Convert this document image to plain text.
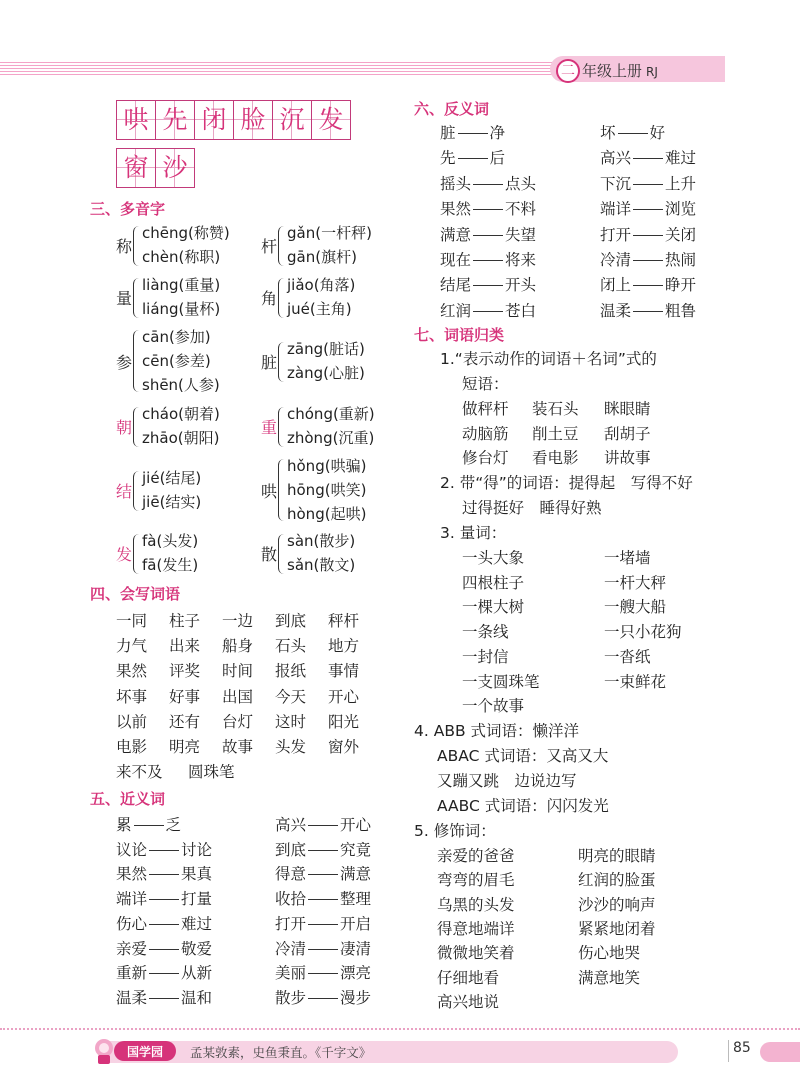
二 年级上册 RJ
哄 先 闭 脸 沉 发
窗 沙
三、多音字
称
chēng(称赞)
chèn(称职)
杆
gǎn(一杆秤)
gān(旗杆)
量
liàng(重量)
liáng(量杯)
角
jiǎo(角落)
jué(主角)
参
cān(参加)
cēn(参差)
shēn(人参)
脏
zāng(脏话)
zàng(心脏)
朝
cháo(朝着)
zhāo(朝阳)
重
chóng(重新)
zhòng(沉重)
结
jié(结尾)
jiē(结实)
哄
hǒng(哄骗)
hōng(哄笑)
hòng(起哄)
发
fà(头发)
fā(发生)
散
sàn(散步)
sǎn(散文)
四、会写词语
一同 柱子 一边 到底 秤杆
力气 出来 船身 石头 地方
果然 评奖 时间 报纸 事情
坏事 好事 出国 今天 开心
以前 还有 台灯 这时 阳光
电影 明亮 故事 头发 窗外
来不及 圆珠笔
五、近义词
累 乏
议论 讨论
果然 果真
端详 打量
伤心 难过
亲爱 敬爱
重新 从新
温柔 温和
高兴 开心
到底 究竟
得意 满意
收拾 整理
打开 开启
冷清 凄清
美丽 漂亮
散步 漫步
六、反义词
脏 净
先 后
摇头 点头
果然 不料
满意 失望
现在 将来
结尾 开头
红润 苍白
坏 好
高兴 难过
下沉 上升
端详 浏览
打开 关闭
冷清 热闹
闭上 睁开
温柔 粗鲁
七、词语归类
1.“表示动作的词语＋名词”式的
短语：
做秤杆 装石头 眯眼睛
动脑筋 削土豆 刮胡子
修台灯 看电影 讲故事
2. 带“得”的词语：提得起　写得不好
过得挺好　睡得好熟
3. 量词：
一头大象
四根柱子
一棵大树
一条线
一封信
一支圆珠笔
一个故事
一堵墙
一杆大秤
一艘大船
一只小花狗
一沓纸
一束鲜花
4. ABB 式词语：懒洋洋
ABAC 式词语：又高又大
又蹦又跳　边说边写
AABC 式词语：闪闪发光
5. 修饰词：
亲爱的爸爸
弯弯的眉毛
乌黑的头发
得意地端详
微微地笑着
仔细地看
高兴地说
明亮的眼睛
红润的脸蛋
沙沙的响声
紧紧地闭着
伤心地哭
满意地笑
国学园 孟某敦素，史鱼秉直。《千字文》	85
